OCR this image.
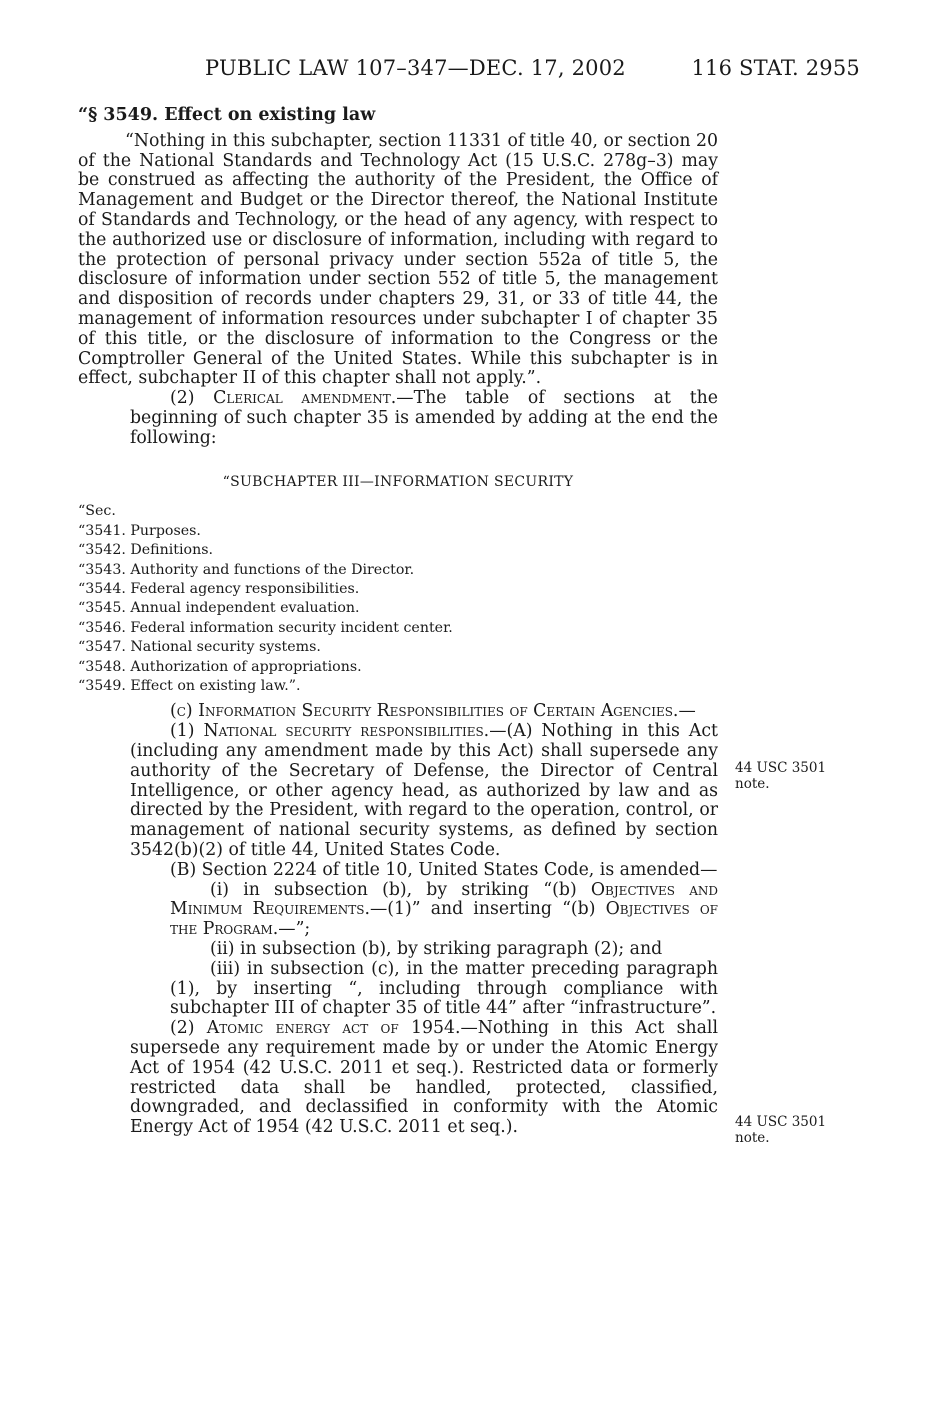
PUBLIC LAW 107–347—DEC. 17, 2002	116 STAT. 2955
“§ 3549. Effect on existing law

“Nothing in this subchapter, section 11331 of title 40, or section 20 of the National Standards and Technology Act (15 U.S.C. 278g–3) may be construed as affecting the authority of the President, the Office of Management and Budget or the Director thereof, the National Institute of Standards and Technology, or the head of any agency, with respect to the authorized use or disclosure of information, including with regard to the protection of personal privacy under section 552a of title 5, the disclosure of information under section 552 of title 5, the management and disposition of records under chapters 29, 31, or 33 of title 44, the management of information resources under subchapter I of chapter 35 of this title, or the disclosure of information to the Congress or the Comptroller General of the United States. While this subchapter is in effect, subchapter II of this chapter shall not apply.”.

(2) Clerical amendment.—The table of sections at the beginning of such chapter 35 is amended by adding at the end the following:

“SUBCHAPTER III—INFORMATION SECURITY
“Sec.
“3541. Purposes.
“3542. Definitions.
“3543. Authority and functions of the Director.
“3544. Federal agency responsibilities.
“3545. Annual independent evaluation.
“3546. Federal information security incident center.
“3547. National security systems.
“3548. Authorization of appropriations.
“3549. Effect on existing law.”.

(c) Information Security Responsibilities of Certain Agencies.—

(1) National security responsibilities.—(A) Nothing in this Act (including any amendment made by this Act) shall supersede any authority of the Secretary of Defense, the Director of Central Intelligence, or other agency head, as authorized by law and as directed by the President, with regard to the operation, control, or management of national security systems, as defined by section 3542(b)(2) of title 44, United States Code.

(B) Section 2224 of title 10, United States Code, is amended—

(i) in subsection (b), by striking “(b) Objectives and Minimum Requirements.—(1)” and inserting “(b) Objectives of the Program.—”;

(ii) in subsection (b), by striking paragraph (2); and

(iii) in subsection (c), in the matter preceding paragraph (1), by inserting “, including through compliance with subchapter III of chapter 35 of title 44” after “infrastructure”.

(2) Atomic energy act of 1954.—Nothing in this Act shall supersede any requirement made by or under the Atomic Energy Act of 1954 (42 U.S.C. 2011 et seq.). Restricted data or formerly restricted data shall be handled, protected, classified, downgraded, and declassified in conformity with the Atomic Energy Act of 1954 (42 U.S.C. 2011 et seq.).

44 USC 3501
note.
44 USC 3501
note.
